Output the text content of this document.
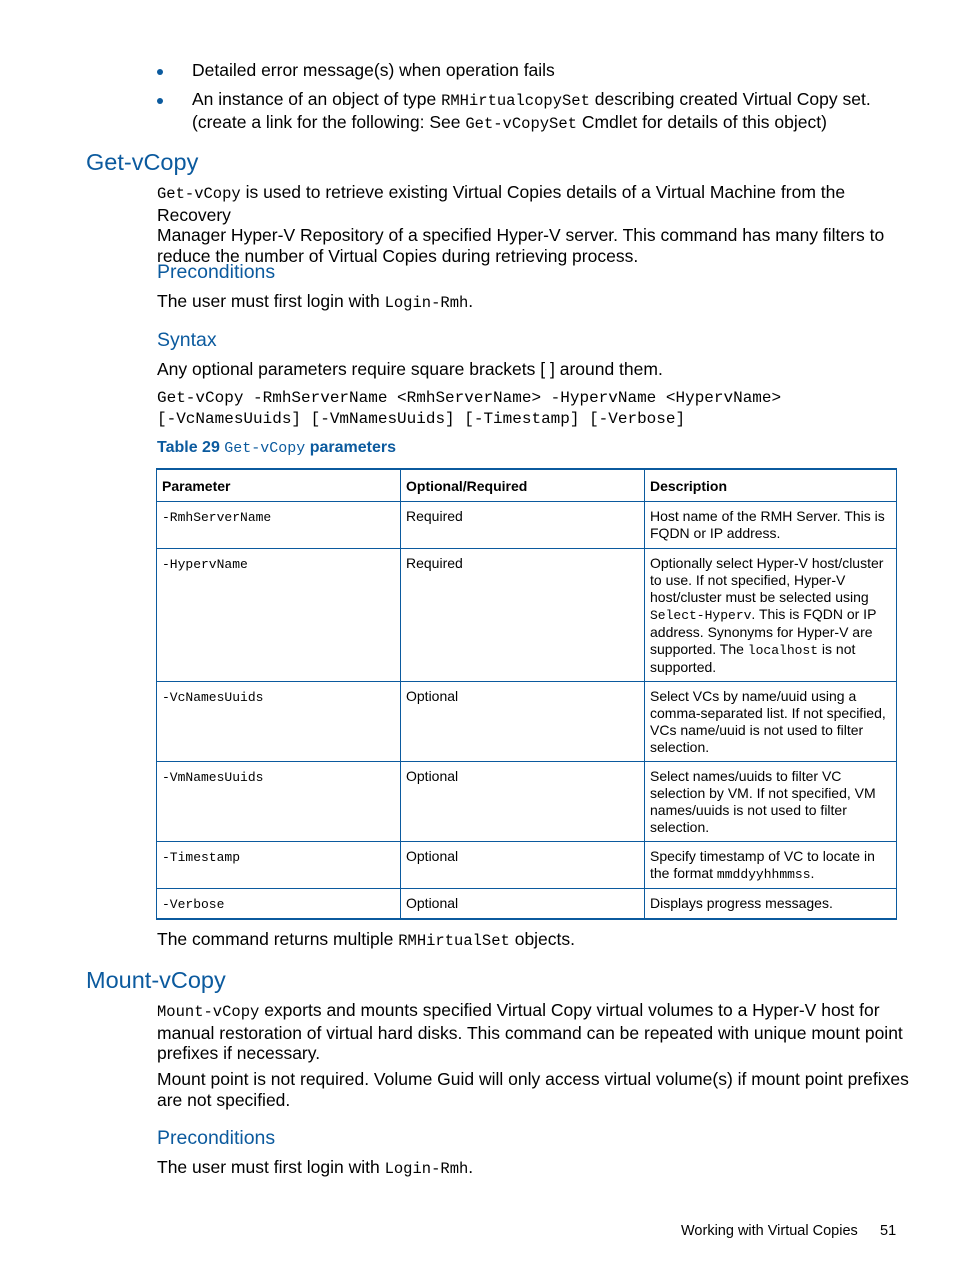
Detailed error message(s) when operation fails
An instance of an object of type RMHirtualcopySet describing created Virtual Copy set.
(create a link for the following: See Get-vCopySet Cmdlet for details of this object)
Get-vCopy
Get-vCopy is used to retrieve existing Virtual Copies details of a Virtual Machine from the Recovery
Manager Hyper-V Repository of a specified Hyper-V server. This command has many filters to
reduce the number of Virtual Copies during retrieving process.
Preconditions
The user must first login with Login-Rmh.
Syntax
Any optional parameters require square brackets [ ] around them.
Get-vCopy -RmhServerName <RmhServerName> -HypervName <HypervName>
[-VcNamesUuids] [-VmNamesUuids] [-Timestamp] [-Verbose]
Table 29 Get-vCopy parameters
Parameter	Optional/Required	Description
-RmhServerName	Required	Host name of the RMH Server. This is FQDN or IP address.
-HypervName	Required	Optionally select Hyper-V host/cluster to use. If not specified, Hyper-V host/cluster must be selected using Select-Hyperv. This is FQDN or IP address. Synonyms for Hyper-V are supported. The localhost is not supported.
-VcNamesUuids	Optional	Select VCs by name/uuid using a comma-separated list. If not specified, VCs name/uuid is not used to filter selection.
-VmNamesUuids	Optional	Select names/uuids to filter VC selection by VM. If not specified, VM names/uuids is not used to filter selection.
-Timestamp	Optional	Specify timestamp of VC to locate in the format mmddyyhhmmss.
-Verbose	Optional	Displays progress messages.
The command returns multiple RMHirtualSet objects.
Mount-vCopy
Mount-vCopy exports and mounts specified Virtual Copy virtual volumes to a Hyper-V host for
manual restoration of virtual hard disks. This command can be repeated with unique mount point
prefixes if necessary.
Mount point is not required. Volume Guid will only access virtual volume(s) if mount point prefixes
are not specified.
Preconditions
The user must first login with Login-Rmh.
Working with Virtual Copies 51
